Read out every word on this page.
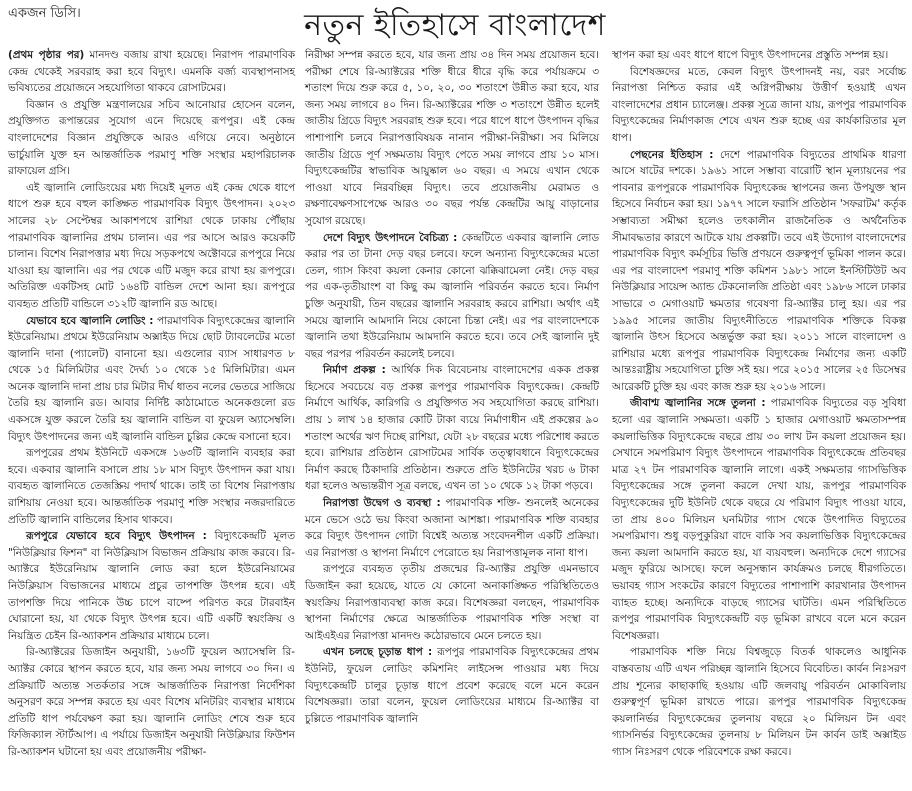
একজন ডিসি।	নতুন ইতিহাসে বাংলাদেশ

(প্রথম পৃষ্ঠার পর) মানদণ্ড বজায় রাখা হয়েছে। নিরাপদ পারমাণবিক কেন্দ্র থেকেই সরবরাহ করা হবে বিদ্যুৎ। এমনকি বর্জ্য ব্যবস্থাপনাসহ ভবিষ্যতের প্রয়োজনে সহযোগিতা থাকবে রোসাটমের।

বিজ্ঞান ও প্রযুক্তি মন্ত্রণালয়ের সচিব আনোয়ার হোসেন বলেন, প্রযুক্তিগত রূপান্তরের সুযোগ এনে দিয়েছে রূপপুর। এই কেন্দ্র বাংলাদেশের বিজ্ঞান প্রযুক্তিকে আরও এগিয়ে নেবে। অনুষ্ঠানে ভার্চুয়ালি যুক্ত হন আন্তর্জাতিক পরমাণু শক্তি সংস্থার মহাপরিচালক রাফায়েল গ্রসি।

এই জ্বালানি লোডিংয়ের মধ্য দিয়েই মূলত এই কেন্দ্র থেকে ধাপে ধাপে শুরু হবে বহুল কাঙ্ক্ষিত পারমাণবিক বিদ্যুৎ উৎপাদন। ২০২৩ সালের ২৮ সেপ্টেম্বর আকাশপথে রাশিয়া থেকে ঢাকায় পৌঁছায় পারমাণবিক জ্বালানির প্রথম চালান। এর পর আসে আরও কয়েকটি চালান। বিশেষ নিরাপত্তার মধ্য দিয়ে সড়কপথে অক্টোবরে রূপপুরে নিয়ে যাওয়া হয় জ্বালানি। এর পর থেকে এটি মজুদ করে রাখা হয় রূপপুরে। অতিরিক্ত একটিসহ মোট ১৬৪টি বান্ডিল দেশে আনা হয়। রূপপুরে ব্যবহৃত প্রতিটি বান্ডিলে ৩১২টি জ্বালানি রড আছে।

যেভাবে হবে জ্বালানি লোডিং : পারমাণবিক বিদ্যুৎকেন্দ্রের জ্বালানি ইউরেনিয়াম। প্রথমে ইউরেনিয়াম অক্সাইড দিয়ে ছোট ট্যাবলেটের মতো জ্বালানি দানা (প্যালেট) বানানো হয়। এগুলোর ব্যাস সাধারণত ৮ থেকে ১৫ মিলিমিটার এবং দৈর্ঘ্য ১০ থেকে ১৫ মিলিমিটার। এমন অনেক জ্বালানি দানা প্রায় চার মিটার দীর্ঘ ধাতব নলের ভেতরে সাজিয়ে তৈরি হয় জ্বালানি রড। আবার নির্দিষ্ট কাঠামোতে অনেকগুলো রড একসঙ্গে যুক্ত করলে তৈরি হয় জ্বালানি বান্ডিল বা ফুয়েল অ্যাসেম্বলি। বিদ্যুৎ উৎপাদনের জন্য এই জ্বালানি বান্ডিল চুল্লির কেন্দ্রে বসানো হবে।

রূপপুরের প্রথম ইউনিটে একসঙ্গে ১৬৩টি জ্বালানি ব্যবহার করা হবে। একবার জ্বালানি বসালে প্রায় ১৮ মাস বিদ্যুৎ উৎপাদন করা যায়। ব্যবহৃত জ্বালানিতে তেজস্ক্রিয় পদার্থ থাকে। তাই তা বিশেষ নিরাপত্তায় রাশিয়ায় নেওয়া হবে। আন্তর্জাতিক পরমাণু শক্তি সংস্থার নজরদারিতে প্রতিটি জ্বালানি বান্ডিলের হিসাব থাকবে।

রূপপুরে যেভাবে হবে বিদ্যুৎ উৎপাদন : বিদ্যুৎকেন্দ্রটি মূলত "নিউক্লিয়ার ফিশন" বা নিউক্লিয়াস বিভাজন প্রক্রিয়ায় কাজ করবে। রি-অ্যাক্টরে ইউরেনিয়াম জ্বালানি লোড করা হলে ইউরেনিয়ামের নিউক্লিয়াস বিভাজনের মাধ্যমে প্রচুর তাপশক্তি উৎপন্ন হবে। এই তাপশক্তি দিয়ে পানিকে উচ্চ চাপে বাষ্পে পরিণত করে টারবাইন ঘোরানো হয়, যা থেকে বিদ্যুৎ উৎপন্ন হবে। এটি একটি স্বয়ংক্রিয় ও নিয়ন্ত্রিত চেইন রি-অ্যাকশন প্রক্রিয়ার মাধ্যমে চলে।

রি-অ্যাক্টরের ডিজাইন অনুযায়ী, ১৬৩টি ফুয়েল অ্যাসেম্বলি রি-অ্যাক্টর কোরে স্থাপন করতে হবে, যার জন্য সময় লাগবে ৩০ দিন। এ প্রক্রিয়াটি অত্যন্ত সতর্কতার সঙ্গে আন্তর্জাতিক নিরাপত্তা নির্দেশিকা অনুসরণ করে সম্পন্ন করতে হয় এবং বিশেষ মনিটরিং ব্যবস্থার মাধ্যমে প্রতিটি ধাপ পর্যবেক্ষণ করা হয়। জ্বালানি লোডিং শেষে শুরু হবে ফিজিক্যাল স্টার্টআপ। এ পর্যায়ে ডিজাইন অনুযায়ী নিউক্লিয়ার ফিউশন রি-অ্যাকশন ঘটানো হয় এবং প্রয়োজনীয় পরীক্ষা-

নিরীক্ষা সম্পন্ন করতে হবে, যার জন্য প্রায় ৩৪ দিন সময় প্রয়োজন হবে। পরীক্ষা শেষে রি-অ্যাক্টরের শক্তি ধীরে ধীরে বৃদ্ধি করে পর্যায়ক্রমে ৩ শতাংশ দিয়ে শুরু করে ৫, ১০, ২০, ৩০ শতাংশে উন্নীত করা হবে, যার জন্য সময় লাগবে ৪০ দিন। রি-অ্যাক্টরের শক্তি ৩ শতাংশে উন্নীত হলেই জাতীয় গ্রিডে বিদ্যুৎ সরবরাহ শুরু হবে। পরে ধাপে ধাপে উৎপাদন বৃদ্ধির পাশাপাশি চলবে নিরাপত্তাবিষয়ক নানান পরীক্ষা-নিরীক্ষা। সব মিলিয়ে জাতীয় গ্রিডে পূর্ণ সক্ষমতায় বিদ্যুৎ পেতে সময় লাগবে প্রায় ১০ মাস। বিদ্যুৎকেন্দ্রটির স্বাভাবিক আয়ুষ্কাল ৬০ বছর। এ সময়ে এখান থেকে পাওয়া যাবে নিরবচ্ছিন্ন বিদ্যুৎ। তবে প্রয়োজনীয় মেরামত ও রক্ষণাবেক্ষণসাপেক্ষে আরও ৩০ বছর পর্যন্ত কেন্দ্রটির আয়ু বাড়ানোর সুযোগ রয়েছে।

দেশে বিদ্যুৎ উৎপাদনে বৈচিত্র্য : কেন্দ্রটিতে একবার জ্বালানি লোড করার পর তা টানা দেড় বছর চলবে। ফলে অন্যান্য বিদ্যুৎকেন্দ্রের মতো তেল, গ্যাস কিংবা কয়লা কেনার কোনো ঝক্কিঝামেলা নেই। দেড় বছর পর এক-তৃতীয়াংশ বা কিছু কম জ্বালানি পরিবর্তন করতে হবে। নির্মাণ চুক্তি অনুযায়ী, তিন বছরের জ্বালানি সরবরাহ করবে রাশিয়া। অর্থাৎ এই সময়ে জ্বালানি আমদানি নিয়ে কোনো চিন্তা নেই। এর পর বাংলাদেশকে জ্বালানি তথা ইউরেনিয়াম আমদানি করতে হবে। তবে সেই জ্বালানি দুই বছর পরপর পরিবর্তন করলেই চলবে।

নির্মাণ প্রকল্প : আর্থিক দিক বিবেচনায় বাংলাদেশের একক প্রকল্প হিসেবে সবচেয়ে বড় প্রকল্প রূপপুর পারমাণবিক বিদ্যুৎকেন্দ্র। কেন্দ্রটি নির্মাণে আর্থিক, কারিগরি ও প্রযুক্তিগত সব সহযোগিতা করছে রাশিয়া। প্রায় ১ লাখ ১৪ হাজার কোটি টাকা ব্যয়ে নির্মাণাধীন এই প্রকল্পের ৯০ শতাংশ অর্থের ঋণ দিচ্ছে রাশিয়া, যেটা ২৮ বছরের মধ্যে পরিশোধ করতে হবে। রাশিয়ার প্রতিষ্ঠান রোসাটমের সার্বিক তত্ত্বাবধানে বিদ্যুৎকেন্দ্রের নির্মাণ করছে ঠিকাদারি প্রতিষ্ঠান। শুরুতে প্রতি ইউনিটের খরচ ৬ টাকা ধরা হলেও অভ্যন্তরীণ সূত্র বলছে, এখন তা ১০ থেকে ১২ টাকা পড়বে।

নিরাপত্তা উদ্বেগ ও ব্যবস্থা : পারমাণবিক শক্তি- শুনলেই অনেকের মনে ভেসে ওঠে ভয় কিংবা অজানা আশঙ্কা। পারমাণবিক শক্তি ব্যবহার করে বিদ্যুৎ উৎপাদন গোটা বিশ্বেই অত্যন্ত সংবেদনশীল একটি প্রক্রিয়া। এর নিরাপত্তা ও স্থাপনা নির্মাণে পেরোতে হয় নিরাপত্তামূলক নানা ধাপ।

রূপপুরে ব্যবহৃত তৃতীয় প্রজন্মের রি-অ্যাক্টর প্রযুক্তি এমনভাবে ডিজাইন করা হয়েছে, যাতে যে কোনো অনাকাঙ্ক্ষিত পরিস্থিতিতেও স্বয়ংক্রিয় নিরাপত্তাব্যবস্থা কাজ করে। বিশেষজ্ঞরা বলছেন, পারমাণবিক স্থাপনা নির্মাণের ক্ষেত্রে আন্তর্জাতিক পারমাণবিক শক্তি সংস্থা বা আইএইএর নিরাপত্তা মানদণ্ড কঠোরভাবে মেনে চলতে হয়।

এখন চলছে চূড়ান্ত ধাপ : রূপপুর পারমাণবিক বিদ্যুৎকেন্দ্রের প্রথম ইউনিট, ফুয়েল লোডিং কমিশনিং লাইসেন্স পাওয়ার মধ্য দিয়ে বিদ্যুৎকেন্দ্রটি চালুর চূড়ান্ত ধাপে প্রবেশ করেছে বলে মনে করেন বিশেষজ্ঞরা। তারা বলেন, ফুয়েল লোডিংয়ের মাধ্যমে রি-অ্যাক্টর বা চুল্লিতে পারমাণবিক জ্বালানি

স্থাপন করা হয় এবং ধাপে ধাপে বিদ্যুৎ উৎপাদনের প্রস্তুতি সম্পন্ন হয়।

বিশেষজ্ঞদের মতে, কেবল বিদ্যুৎ উৎপাদনই নয়, বরং সর্বোচ্চ নিরাপত্তা নিশ্চিত করার এই অগ্নিপরীক্ষায় উত্তীর্ণ হওয়াই এখন বাংলাদেশের প্রধান চ্যালেঞ্জ। প্রকল্প সূত্রে জানা যায়, রূপপুর পারমাণবিক বিদ্যুৎকেন্দ্রের নির্মাণকাজ শেষে এখন শুরু হচ্ছে এর কার্যকারিতার মূল ধাপ।

পেছনের ইতিহাস : দেশে পারমাণবিক বিদ্যুতের প্রাথমিক ধারণা আসে ষাটের দশকে। ১৯৬১ সালে সম্ভাব্য বারোটি স্থান মূল্যায়নের পর পাবনার রূপপুরকে পারমাণবিক বিদ্যুৎকেন্দ্র স্থাপনের জন্য উপযুক্ত স্থান হিসেবে নির্বাচন করা হয়। ১৯৭৭ সালে ফরাসি প্রতিষ্ঠান 'সফরাটম' কর্তৃক সম্ভাব্যতা সমীক্ষা হলেও তৎকালীন রাজনৈতিক ও অর্থনৈতিক সীমাবদ্ধতার কারণে আটকে যায় প্রকল্পটি। তবে এই উদ্যোগ বাংলাদেশের পারমাণবিক বিদ্যুৎ কর্মসূচির ভিত্তি প্রণয়নে গুরুত্বপূর্ণ ভূমিকা পালন করে। এর পর বাংলাদেশ পরমাণু শক্তি কমিশন ১৯৮১ সালে ইনস্টিটিউট অব নিউক্লিয়ার সায়েন্স অ্যান্ড টেকনোলজি প্রতিষ্ঠা এবং ১৯৮৬ সালে ঢাকার সাভারে ৩ মেগাওয়াট ক্ষমতার গবেষণা রি-অ্যাক্টর চালু হয়। এর পর ১৯৯৫ সালের জাতীয় বিদ্যুৎনীতিতে পারমাণবিক শক্তিকে বিকল্প জ্বালানি উৎস হিসেবে অন্তর্ভুক্ত করা হয়। ২০১১ সালে বাংলাদেশ ও রাশিয়ার মধ্যে রূপপুর পারমাণবিক বিদ্যুৎকেন্দ্র নির্মাণের জন্য একটি আন্তঃরাষ্ট্রীয় সহযোগিতা চুক্তি সই হয়। পরে ২০১৫ সালের ২৫ ডিসেম্বর আরেকটি চুক্তি হয় এবং কাজ শুরু হয় ২০১৬ সালে।

জীবাশ্ম জ্বালানির সঙ্গে তুলনা : পারমাণবিক বিদ্যুতের বড় সুবিধা হলো এর জ্বালানি সক্ষমতা। একটি ১ হাজার মেগাওয়াট ক্ষমতাসম্পন্ন কয়লাভিত্তিক বিদ্যুৎকেন্দ্রে বছরে প্রায় ৩০ লাখ টন কয়লা প্রয়োজন হয়। সেখানে সমপরিমাণ বিদ্যুৎ উৎপাদনে পারমাণবিক বিদ্যুৎকেন্দ্রে প্রতিবছর মাত্র ২৭ টন পারমাণবিক জ্বালানি লাগে। একই সক্ষমতার গ্যাসভিত্তিক বিদ্যুৎকেন্দ্রের সঙ্গে তুলনা করলে দেখা যায়, রূপপুর পারমাণবিক বিদ্যুৎকেন্দ্রের দুটি ইউনিট থেকে বছরে যে পরিমাণ বিদ্যুৎ পাওয়া যাবে, তা প্রায় ৪০০ মিলিয়ন ঘনমিটার গ্যাস থেকে উৎপাদিত বিদ্যুতের সমপরিমাণ। শুধু বড়পুকুরিয়া বাদে বাকি সব কয়লাভিত্তিক বিদ্যুৎকেন্দ্রের জন্য কয়লা আমদানি করতে হয়, যা ব্যয়বহুল। অন্যদিকে দেশে গ্যাসের মজুদ ফুরিয়ে আসছে। ফলে অনুসন্ধান কার্যক্রমও চলছে ধীরগতিতে। ভয়াবহ গ্যাস সংকটের কারণে বিদ্যুতের পাশাপাশি কারখানার উৎপাদন ব্যাহত হচ্ছে। অন্যদিকে বাড়ছে গ্যাসের ঘাটতি। এমন পরিস্থিতিতে রূপপুর পারমাণবিক বিদ্যুৎকেন্দ্রটি বড় ভূমিকা রাখবে বলে মনে করেন বিশেষজ্ঞরা।

পারমাণবিক শক্তি নিয়ে বিশ্বজুড়ে বিতর্ক থাকলেও আধুনিক বাস্তবতায় এটি এখন পরিচ্ছন্ন জ্বালানি হিসেবে বিবেচিত। কার্বন নিঃসরণ প্রায় শূন্যের কাছাকাছি হওয়ায় এটি জলবায়ু পরিবর্তন মোকাবিলায় গুরুত্বপূর্ণ ভূমিকা রাখতে পারে। রূপপুর পারমাণবিক বিদ্যুৎকেন্দ্র কয়লানির্ভর বিদ্যুৎকেন্দ্রের তুলনায় বছরে ২০ মিলিয়ন টন এবং গ্যাসনির্ভর বিদ্যুৎকেন্দ্রের তুলনায় ৮ মিলিয়ন টন কার্বন ডাই অক্সাইড গ্যাস নিঃসরণ থেকে পরিবেশকে রক্ষা করবে।
